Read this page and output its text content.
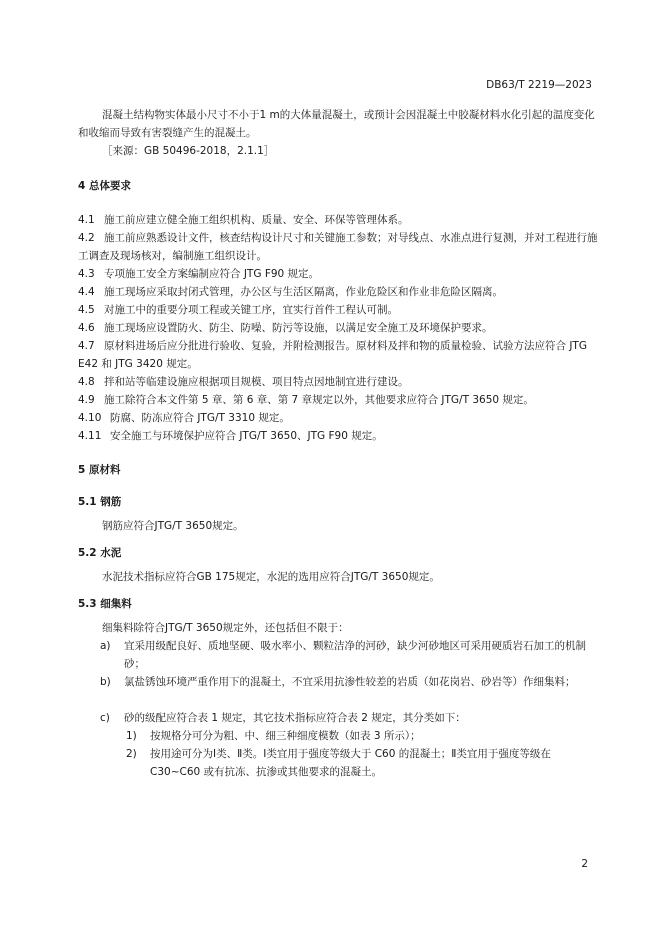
DB63/T 2219—2023
混凝土结构物实体最小尺寸不小于1 m的大体量混凝土，或预计会因混凝土中胶凝材料水化引起的温度变化和收缩而导致有害裂缝产生的混凝土。
［来源：GB 50496-2018，2.1.1］
4 总体要求
4.1 施工前应建立健全施工组织机构、质量、安全、环保等管理体系。
4.2 施工前应熟悉设计文件，核查结构设计尺寸和关键施工参数；对导线点、水准点进行复测，并对工程进行施工调查及现场核对，编制施工组织设计。
4.3 专项施工安全方案编制应符合 JTG F90 规定。
4.4 施工现场应采取封闭式管理，办公区与生活区隔离，作业危险区和作业非危险区隔离。
4.5 对施工中的重要分项工程或关键工序，宜实行首件工程认可制。
4.6 施工现场应设置防火、防尘、防噪、防污等设施，以满足安全施工及环境保护要求。
4.7 原材料进场后应分批进行验收、复验，并附检测报告。原材料及拌和物的质量检验、试验方法应符合 JTG E42 和 JTG 3420 规定。
4.8 拌和站等临建设施应根据项目规模、项目特点因地制宜进行建设。
4.9 施工除符合本文件第 5 章、第 6 章、第 7 章规定以外，其他要求应符合 JTG/T 3650 规定。
4.10 防腐、防冻应符合 JTG/T 3310 规定。
4.11 安全施工与环境保护应符合 JTG/T 3650、JTG F90 规定。
5 原材料
5.1 钢筋
钢筋应符合JTG/T 3650规定。
5.2 水泥
水泥技术指标应符合GB 175规定，水泥的选用应符合JTG/T 3650规定。
5.3 细集料
细集料除符合JTG/T 3650规定外，还包括但不限于：
a)	宜采用级配良好、质地坚硬、吸水率小、颗粒洁净的河砂，缺少河砂地区可采用硬质岩石加工的机制砂；
b)	氯盐锈蚀环境严重作用下的混凝土，不宜采用抗渗性较差的岩质（如花岗岩、砂岩等）作细集料；
c)	砂的级配应符合表 1 规定，其它技术指标应符合表 2 规定，其分类如下：
1)	按规格分可分为粗、中、细三种细度模数（如表 3 所示）；
2)	按用途可分为Ⅰ类、Ⅱ类。Ⅰ类宜用于强度等级大于 C60 的混凝土；Ⅱ类宜用于强度等级在 C30~C60 或有抗冻、抗渗或其他要求的混凝土。
2
